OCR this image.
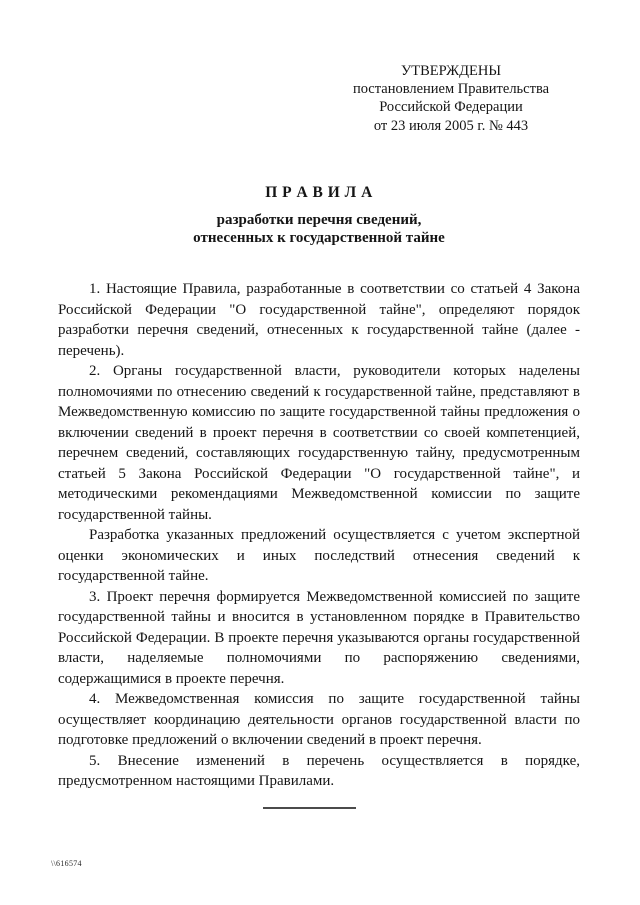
УТВЕРЖДЕНЫ
постановлением Правительства
Российской Федерации
от 23 июля 2005 г. № 443
П Р А В И Л А
разработки перечня сведений,
отнесенных к государственной тайне

1. Настоящие Правила, разработанные в соответствии со статьей 4 Закона Российской Федерации "О государственной тайне", определяют порядок разработки перечня сведений, отнесенных к государственной тайне (далее - перечень).

2. Органы государственной власти, руководители которых наделены полномочиями по отнесению сведений к государственной тайне, представляют в Межведомственную комиссию по защите государственной тайны предложения о включении сведений в проект перечня в соответствии со своей компетенцией, перечнем сведений, составляющих государственную тайну, предусмотренным статьей 5 Закона Российской Федерации "О государственной тайне", и методическими рекомендациями Межведомственной комиссии по защите государственной тайны.

Разработка указанных предложений осуществляется с учетом экспертной оценки экономических и иных последствий отнесения сведений к государственной тайне.

3. Проект перечня формируется Межведомственной комиссией по защите государственной тайны и вносится в установленном порядке в Правительство Российской Федерации. В проекте перечня указываются органы государственной власти, наделяемые полномочиями по распоряжению сведениями, содержащимися в проекте перечня.

4. Межведомственная комиссия по защите государственной тайны осуществляет координацию деятельности органов государственной власти по подготовке предложений о включении сведений в проект перечня.

5. Внесение изменений в перечень осуществляется в порядке, предусмотренном настоящими Правилами.

\\616574
